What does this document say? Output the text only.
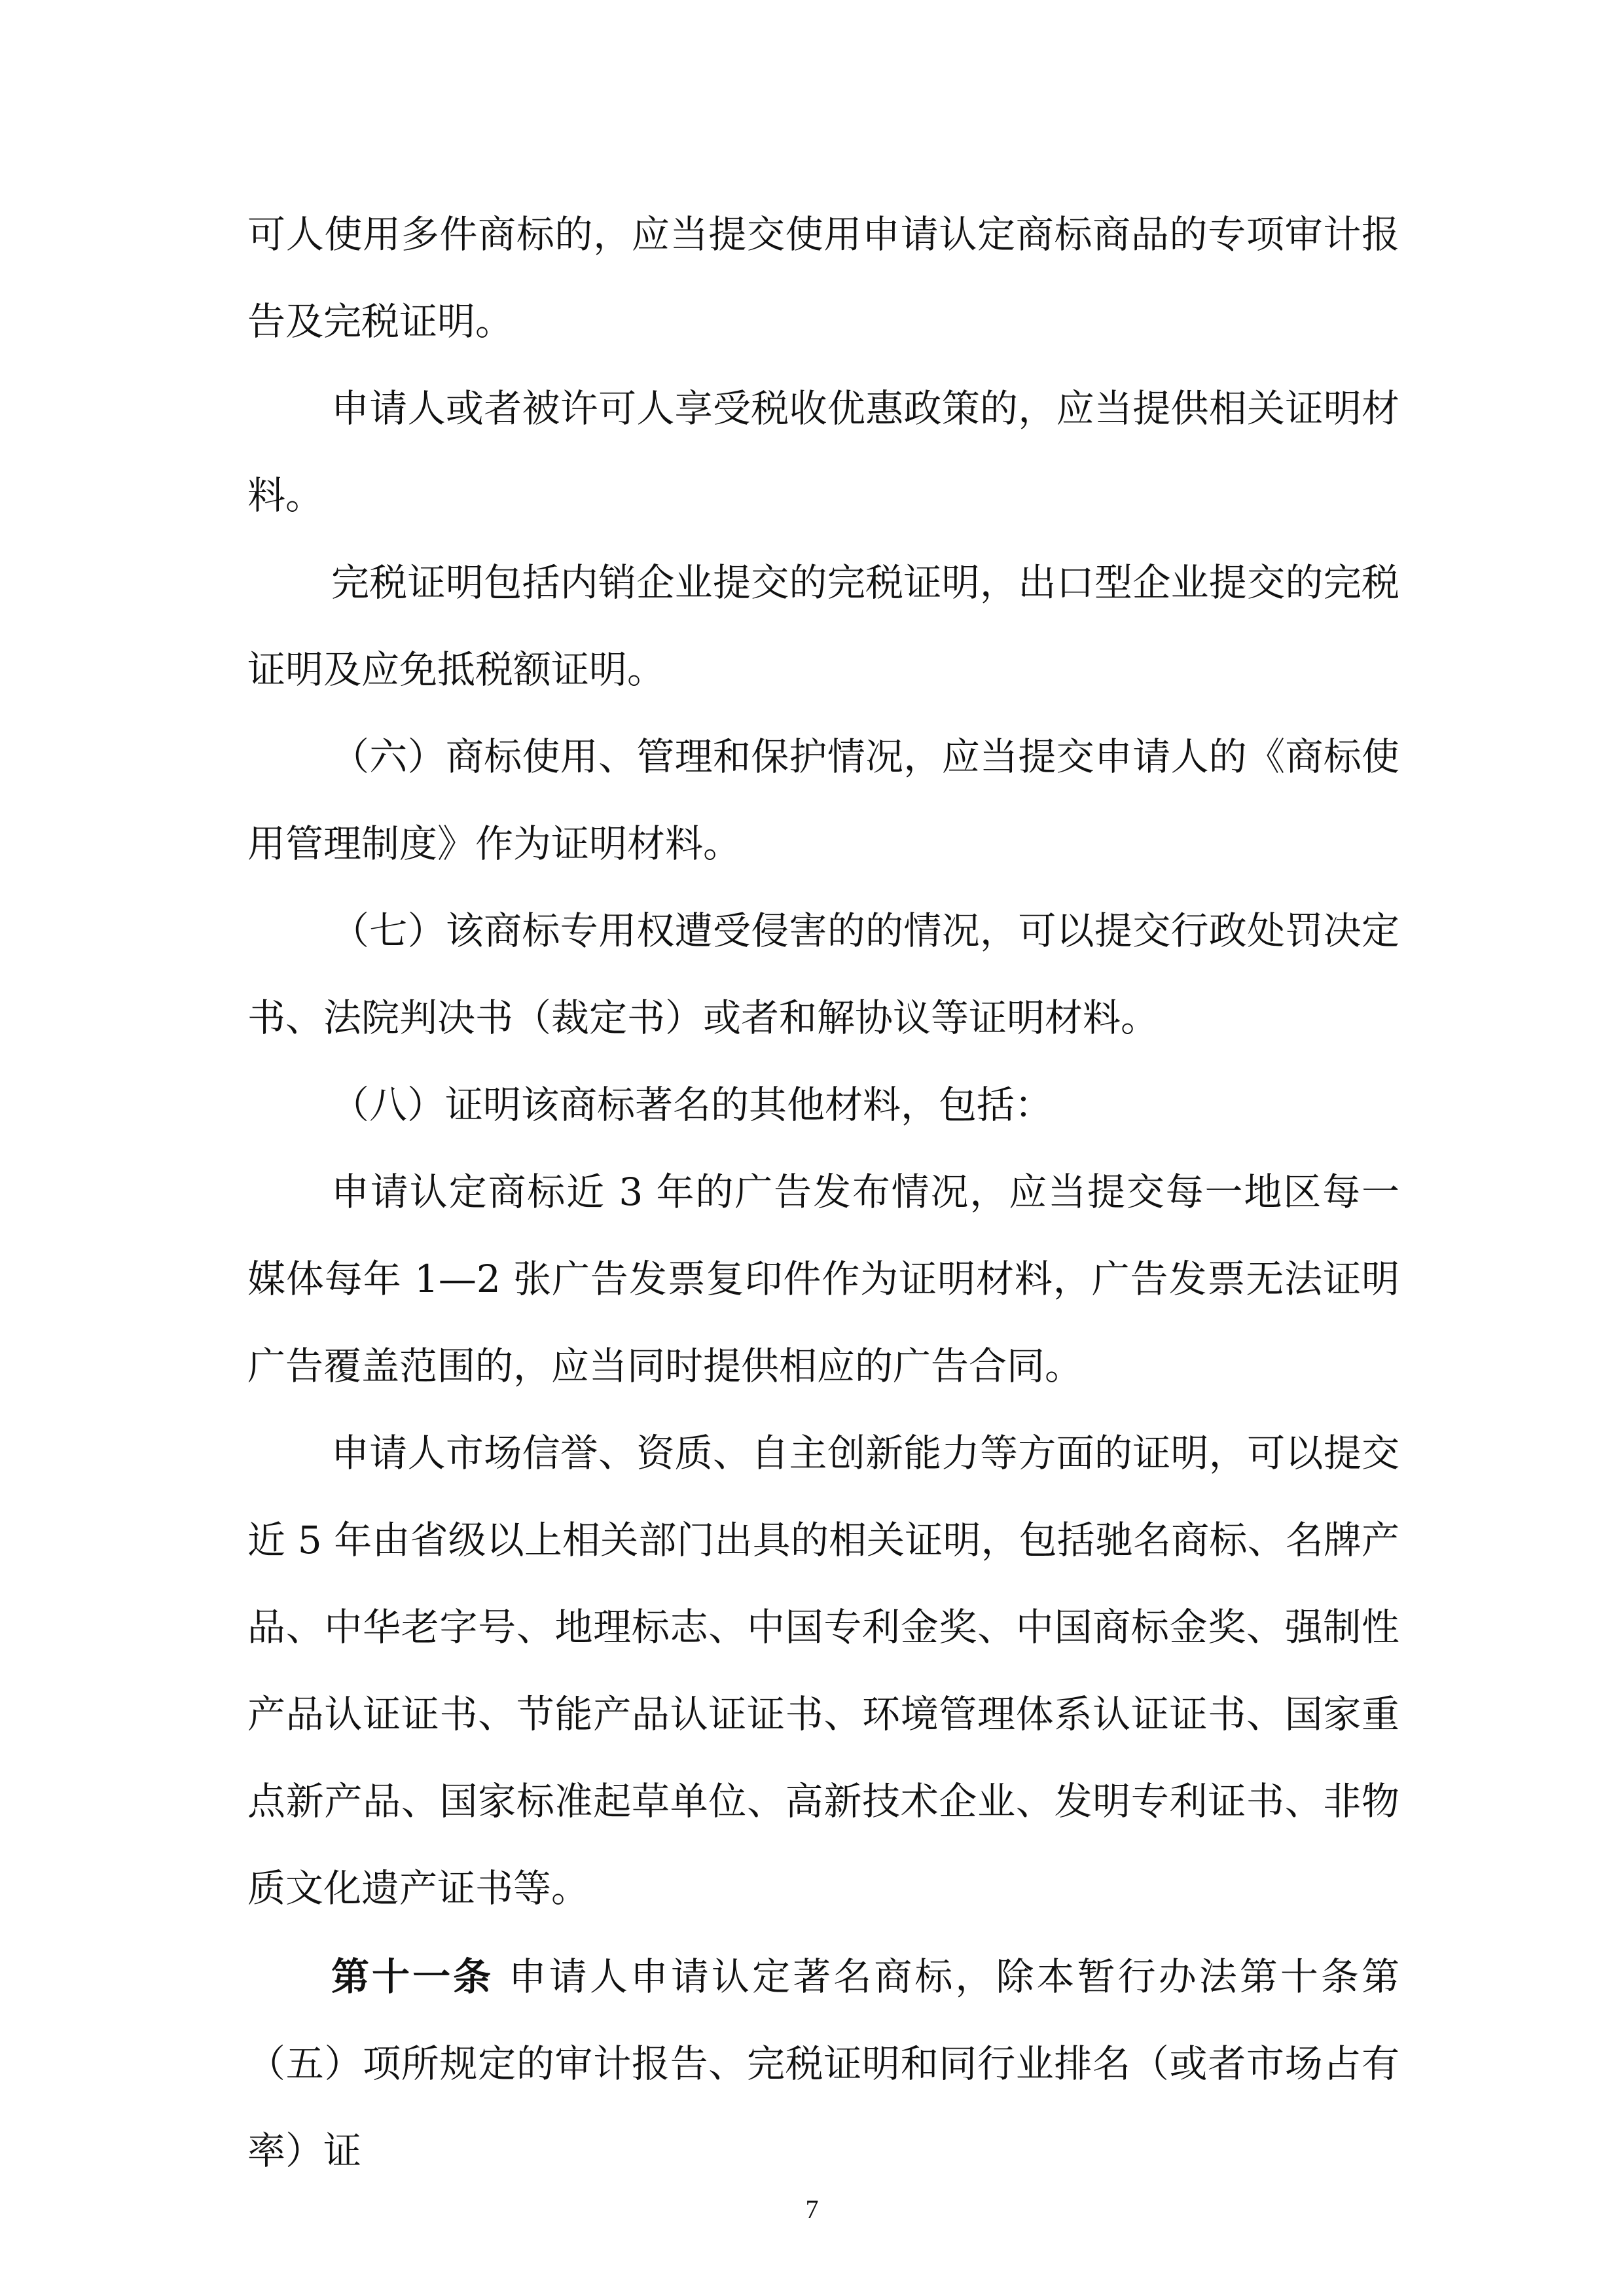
可人使用多件商标的，应当提交使用申请认定商标商品的专项审计报告及完税证明。

申请人或者被许可人享受税收优惠政策的，应当提供相关证明材料。

完税证明包括内销企业提交的完税证明，出口型企业提交的完税证明及应免抵税额证明。

（六）商标使用、管理和保护情况，应当提交申请人的《商标使用管理制度》作为证明材料。

（七）该商标专用权遭受侵害的的情况，可以提交行政处罚决定书、法院判决书（裁定书）或者和解协议等证明材料。

（八）证明该商标著名的其他材料，包括：

申请认定商标近 3 年的广告发布情况，应当提交每一地区每一媒体每年 1—2 张广告发票复印件作为证明材料，广告发票无法证明广告覆盖范围的，应当同时提供相应的广告合同。

申请人市场信誉、资质、自主创新能力等方面的证明，可以提交近 5 年由省级以上相关部门出具的相关证明，包括驰名商标、名牌产品、中华老字号、地理标志、中国专利金奖、中国商标金奖、强制性产品认证证书、节能产品认证证书、环境管理体系认证证书、国家重点新产品、国家标准起草单位、高新技术企业、发明专利证书、非物质文化遗产证书等。

第十一条 申请人申请认定著名商标，除本暂行办法第十条第（五）项所规定的审计报告、完税证明和同行业排名（或者市场占有率）证

7
